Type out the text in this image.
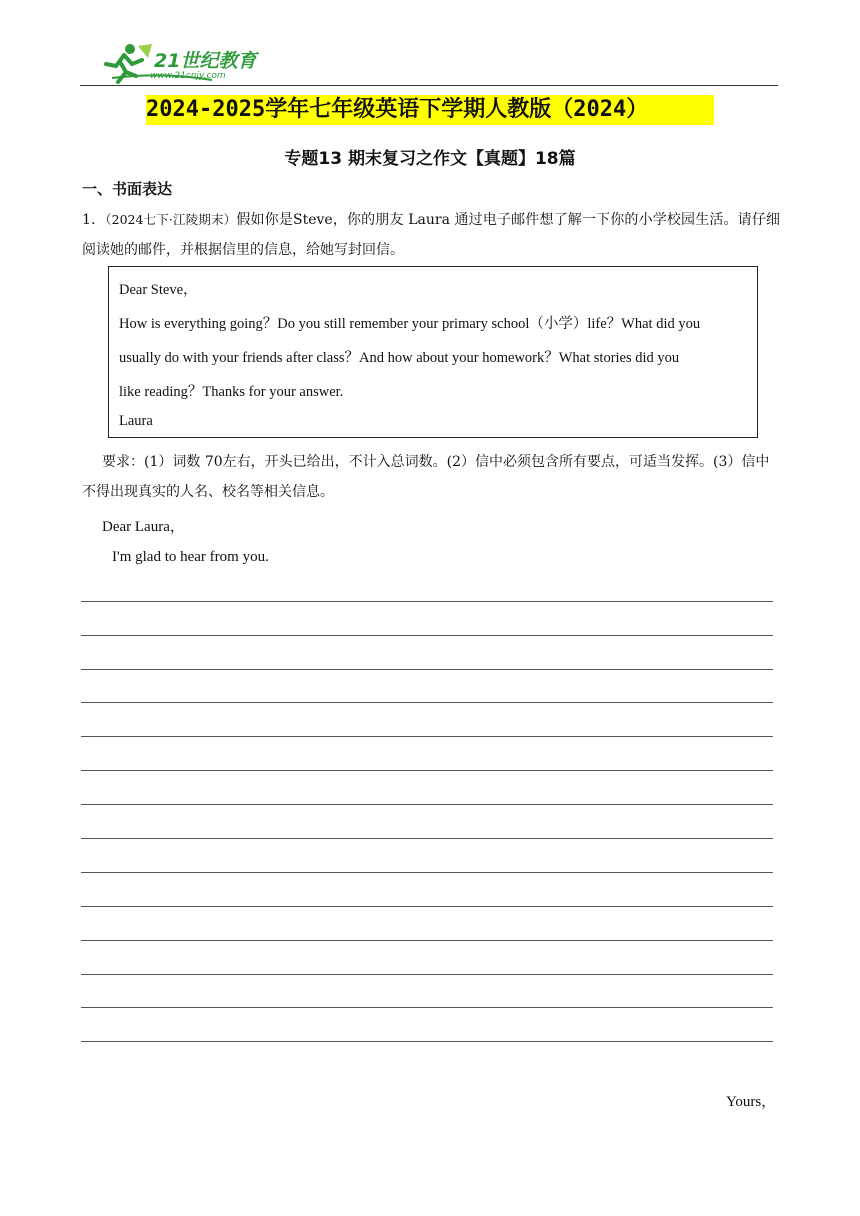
21世纪教育
www.21cnjy.com
2024-2025学年七年级英语下学期人教版（2024）
专题13 期末复习之作文【真题】18篇
一、书面表达
1．（2024七下·江陵期末）假如你是Steve，你的朋友 Laura 通过电子邮件想了解一下你的小学校园生活。请仔细阅读她的邮件，并根据信里的信息，给她写封回信。
Dear Steve，
How is everything going？Do you still remember your primary school（小学）life？What did you
usually do with your friends after class？And how about your homework？What stories did you
like reading？Thanks for your answer.
Laura
要求：(1）词数 70左右，开头已给出，不计入总词数。(2）信中必须包含所有要点，可适当发挥。(3）信中不得出现真实的人名、校名等相关信息。
Dear Laura，
I'm glad to hear from you.
Yours，
